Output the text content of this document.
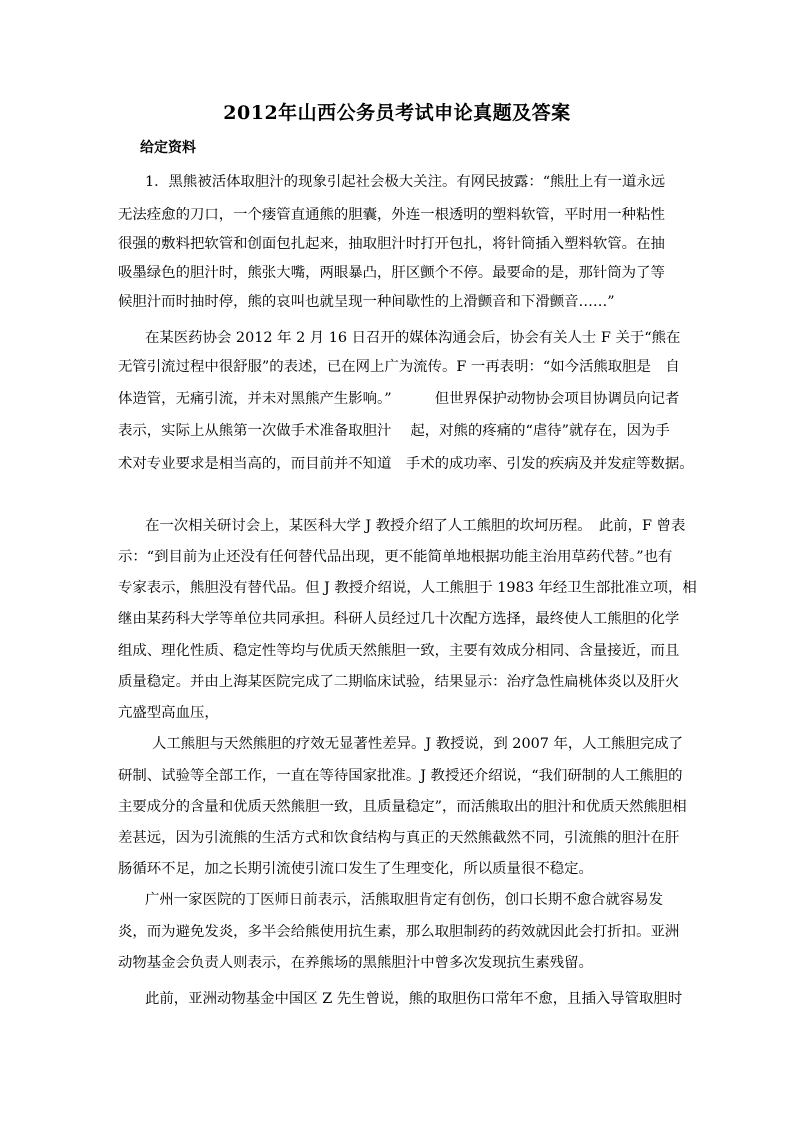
2012年山西公务员考试申论真题及答案
给定资料
1．黑熊被活体取胆汁的现象引起社会极大关注。有网民披露：“熊肚上有一道永远
无法痊愈的刀口，一个瘘管直通熊的胆囊，外连一根透明的塑料软管，平时用一种粘性
很强的敷料把软管和创面包扎起来，抽取胆汁时打开包扎，将针筒插入塑料软管。在抽
吸墨绿色的胆汁时，熊张大嘴，两眼暴凸，肝区颤个不停。最要命的是，那针筒为了等
候胆汁而时抽时停，熊的哀叫也就呈现一种间歇性的上滑颤音和下滑颤音……”
在某医药协会 2012 年 2 月 16 日召开的媒体沟通会后，协会有关人士 F 关于“熊在
无管引流过程中很舒服”的表述，已在网上广为流传。F 一再表明：“如今活熊取胆是　自
体造管，无痛引流，并未对黑熊产生影响。”　　　但世界保护动物协会项目协调员向记者
表示，实际上从熊第一次做手术准备取胆汁　 起，对熊的疼痛的“虐待”就存在，因为手
术对专业要求是相当高的，而目前并不知道　手术的成功率、引发的疾病及并发症等数据。
在一次相关研讨会上，某医科大学 J 教授介绍了人工熊胆的坎坷历程。　此前，F 曾表
示：“到目前为止还没有任何替代品出现，更不能简单地根据功能主治用草药代替。”也有
专家表示，熊胆没有替代品。但 J 教授介绍说，人工熊胆于 1983 年经卫生部批准立项，相
继由某药科大学等单位共同承担。科研人员经过几十次配方选择，最终使人工熊胆的化学
组成、理化性质、稳定性等均与优质天然熊胆一致，主要有效成分相同、含量接近，而且
质量稳定。并由上海某医院完成了二期临床试验，结果显示：治疗急性扁桃体炎以及肝火
亢盛型高血压，
人工熊胆与天然熊胆的疗效无显著性差异。J 教授说，到 2007 年，人工熊胆完成了
研制、试验等全部工作，一直在等待国家批准。J 教授还介绍说，“我们研制的人工熊胆的
主要成分的含量和优质天然熊胆一致，且质量稳定”，而活熊取出的胆汁和优质天然熊胆相
差甚远，因为引流熊的生活方式和饮食结构与真正的天然熊截然不同，引流熊的胆汁在肝
肠循环不足，加之长期引流使引流口发生了生理变化，所以质量很不稳定。
广州一家医院的丁医师日前表示，活熊取胆肯定有创伤，创口长期不愈合就容易发
炎，而为避免发炎，多半会给熊使用抗生素，那么取胆制药的药效就因此会打折扣。亚洲
动物基金会负责人则表示，在养熊场的黑熊胆汁中曾多次发现抗生素残留。
此前，亚洲动物基金中国区 Z 先生曾说，熊的取胆伤口常年不愈，且插入导管取胆时
